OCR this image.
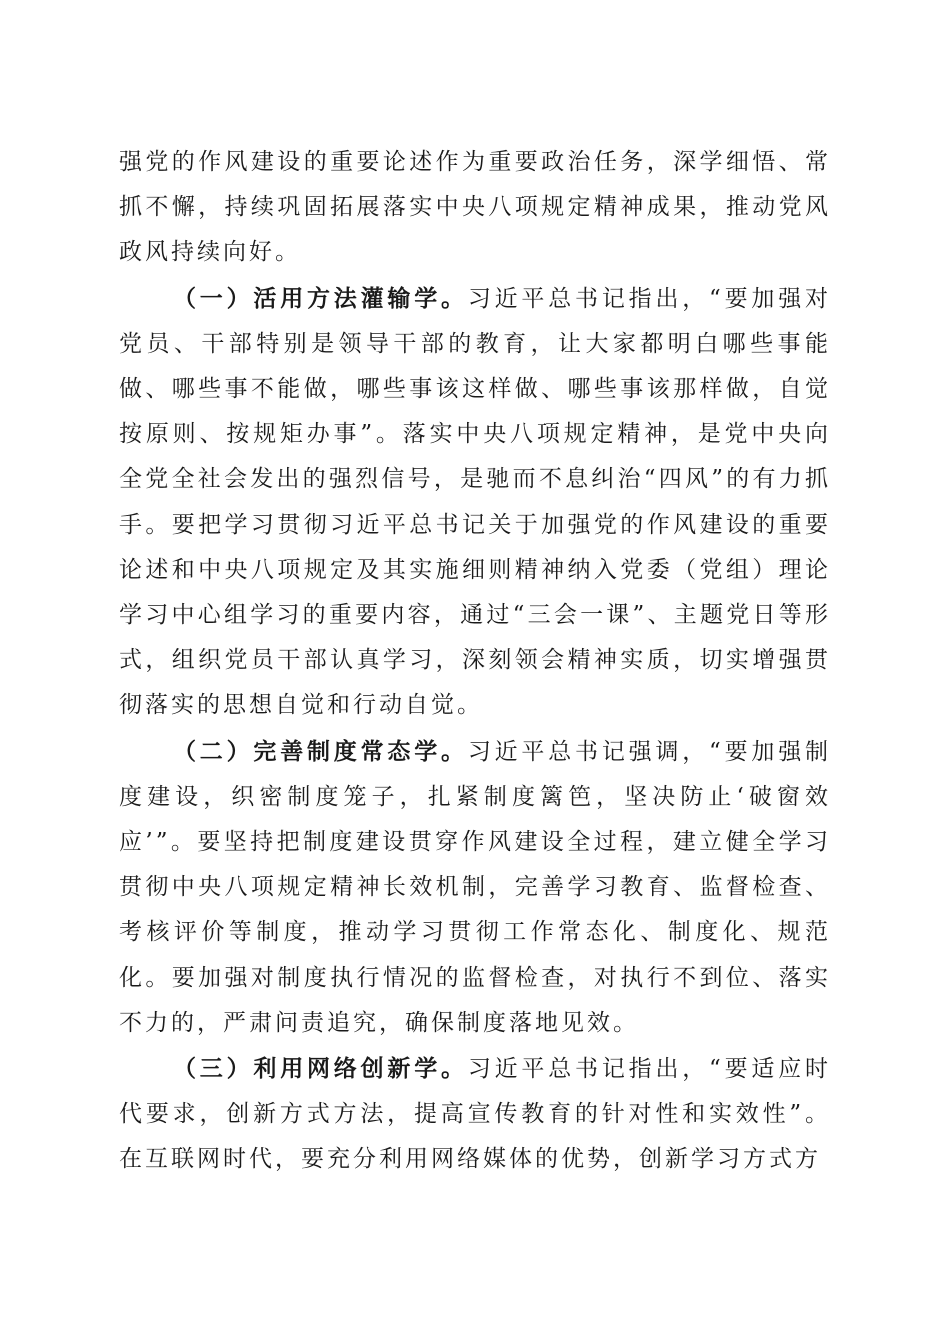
强党的作风建设的重要论述作为重要政治任务，深学细悟、常抓不懈，持续巩固拓展落实中央八项规定精神成果，推动党风政风持续向好。

（一）活用方法灌输学。习近平总书记指出，“要加强对党员、干部特别是领导干部的教育，让大家都明白哪些事能做、哪些事不能做，哪些事该这样做、哪些事该那样做，自觉按原则、按规矩办事”。落实中央八项规定精神，是党中央向全党全社会发出的强烈信号，是驰而不息纠治“四风”的有力抓手。要把学习贯彻习近平总书记关于加强党的作风建设的重要论述和中央八项规定及其实施细则精神纳入党委（党组）理论学习中心组学习的重要内容，通过“三会一课”、主题党日等形式，组织党员干部认真学习，深刻领会精神实质，切实增强贯彻落实的思想自觉和行动自觉。

（二）完善制度常态学。习近平总书记强调，“要加强制度建设，织密制度笼子，扎紧制度篱笆，坚决防止‘破窗效应’”。要坚持把制度建设贯穿作风建设全过程，建立健全学习贯彻中央八项规定精神长效机制，完善学习教育、监督检查、考核评价等制度，推动学习贯彻工作常态化、制度化、规范化。要加强对制度执行情况的监督检查，对执行不到位、落实不力的，严肃问责追究，确保制度落地见效。

（三）利用网络创新学。习近平总书记指出，“要适应时代要求，创新方式方法，提高宣传教育的针对性和实效性”。在互联网时代，要充分利用网络媒体的优势，创新学习方式方
